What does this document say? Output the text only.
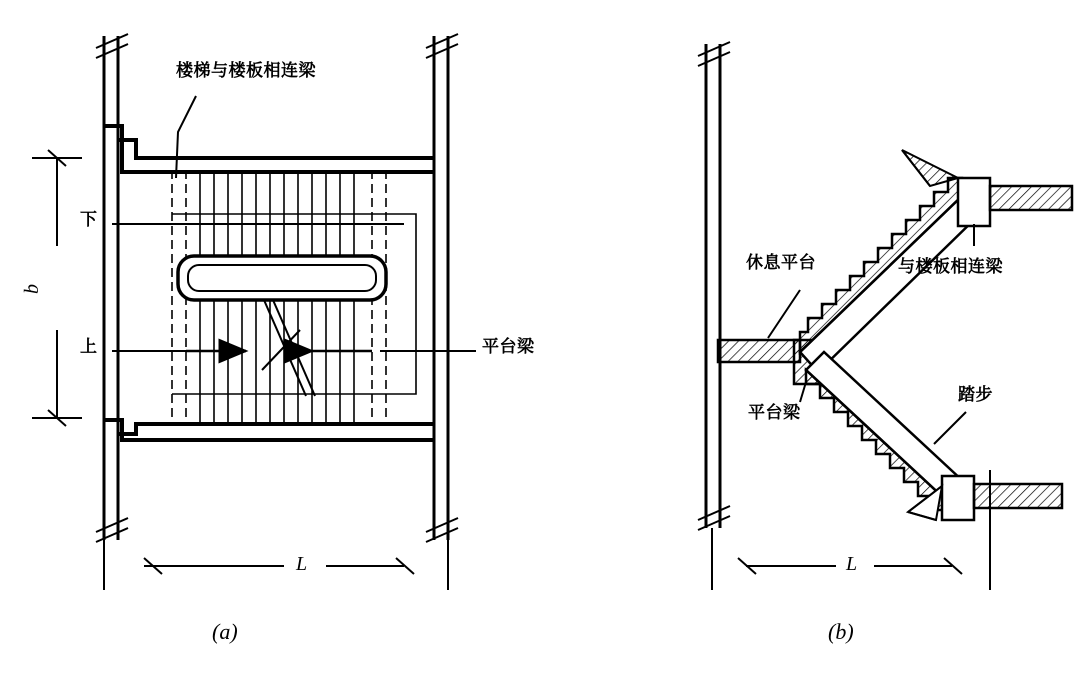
楼梯与楼板相连梁
下
上	平台梁
b
L
(a)
休息平台	与楼板相连梁
平台梁
踏步
L
(b)
